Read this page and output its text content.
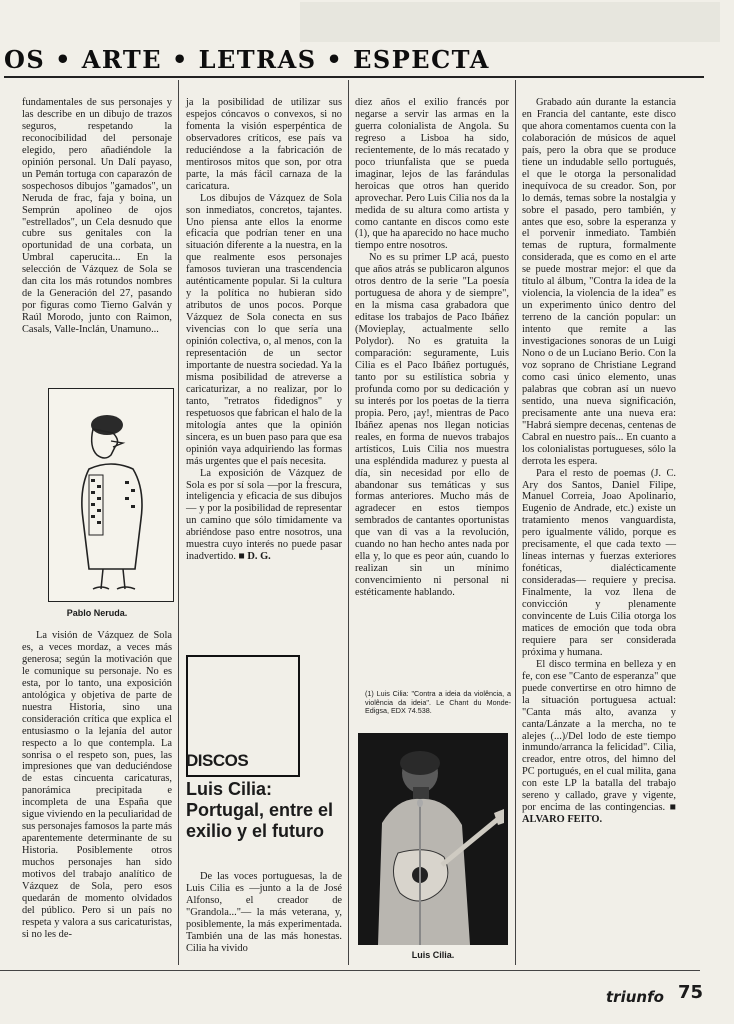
OS • ARTE • LETRAS • ESPECTA

fundamentales de sus personajes y las describe en un dibujo de trazos seguros, respetando la reconocibilidad del personaje elegido, pero añadiéndole la opinión personal. Un Dalí payaso, un Pemán tortuga con caparazón de sospechosos dibujos "gamados", un Neruda de frac, faja y boina, un Semprún apolíneo de ojos "estrellados", un Cela desnudo que cubre sus genitales con la oportunidad de una corbata, un Umbral caperucita... En la selección de Vázquez de Sola se dan cita los más rotundos nombres de la Generación del 27, pasando por figuras como Tierno Galván y Raúl Morodo, junto con Raimon, Casals, Valle-Inclán, Unamuno...

Pablo Neruda.

La visión de Vázquez de Sola es, a veces mordaz, a veces más generosa; según la motivación que le comunique su personaje. No es esta, por lo tanto, una exposición antológica y objetiva de parte de nuestra Historia, sino una consideración crítica que explica el entusiasmo o la lejanía del autor respecto a lo que contempla. La sonrisa o el respeto son, pues, las impresiones que van deduciéndose de estas cincuenta caricaturas, panorámica precipitada e incompleta de una España que sigue viviendo en la peculiaridad de sus personajes famosos la parte más aparentemente determinante de su Historia. Posiblemente otros muchos personajes han sido motivos del trabajo analítico de Vázquez de Sola, pero esos quedarán de momento olvidados del público. Pero si un país no respeta y valora a sus caricaturistas, si no les de-

ja la posibilidad de utilizar sus espejos cóncavos o convexos, si no fomenta la visión esperpéntica de observadores críticos, ese país va reduciéndose a la fabricación de mentirosos mitos que son, por otra parte, la más fácil carnaza de la caricatura.

Los dibujos de Vázquez de Sola son inmediatos, concretos, tajantes. Uno piensa ante ellos la enorme eficacia que podrían tener en una situación diferente a la nuestra, en la que realmente esos personajes famosos tuvieran una trascendencia auténticamente popular. Si la cultura y la política no hubieran sido atributos de unos pocos. Porque Vázquez de Sola conecta en sus vivencias con lo que sería una opinión colectiva, o, al menos, con la representación de un sector importante de nuestra sociedad. Ya la misma posibilidad de atreverse a caricaturizar, a no realizar, por lo tanto, "retratos fidedignos" y respetuosos que fabrican el halo de la mitología antes que la opinión sincera, es un buen paso para que esa opinión vaya adquiriendo las formas más urgentes que el país necesita.

La exposición de Vázquez de Sola es por sí sola —por la frescura, inteligencia y eficacia de sus dibujos— y por la posibilidad de representar un camino que sólo tímidamente va abriéndose paso entre nosotros, una muestra cuyo interés no puede pasar inadvertido. ■ D. G.

DISCOS
Luis Cilia: Portugal, entre el exilio y el futuro

De las voces portuguesas, la de Luis Cilia es —junto a la de José Alfonso, el creador de "Grandola..."— la más veterana, y, posiblemente, la más experimentada. También una de las más honestas. Cilia ha vivido

diez años el exilio francés por negarse a servir las armas en la guerra colonialista de Angola. Su regreso a Lisboa ha sido, recientemente, de lo más recatado y poco triunfalista que se pueda imaginar, lejos de las farándulas heroicas que otros han querido aprovechar. Pero Luis Cilia nos da la medida de su altura como artista y como cantante en discos como este (1), que ha aparecido no hace mucho tiempo entre nosotros.

No es su primer LP acá, puesto que años atrás se publicaron algunos otros dentro de la serie "La poesía portuguesa de ahora y de siempre", en la misma casa grabadora que editase los trabajos de Paco Ibáñez (Movieplay, actualmente sello Polydor). No es gratuita la comparación: seguramente, Luis Cilia es el Paco Ibáñez portugués, tanto por su estilística sobria y profunda como por su dedicación y su interés por los poetas de la tierra propia. Pero, ¡ay!, mientras de Paco Ibáñez apenas nos llegan noticias reales, en forma de nuevos trabajos artísticos, Luis Cilia nos muestra una espléndida madurez y puesta al día, sin necesidad por ello de abandonar sus temáticas y sus formas anteriores. Mucho más de agradecer en estos tiempos sembrados de cantantes oportunistas que van di vas a la revolución, cuando no han hecho antes nada por ella y, lo que es peor aún, cuando lo realizan sin un mínimo convencimiento ni personal ni estéticamente hablando.

(1) Luis Cilia: "Contra a ideia da violência, a violência da ideia". Le Chant du Monde-Edigsa, EDX 74.538.
Luis Cilia.

Grabado aún durante la estancia en Francia del cantante, este disco que ahora comentamos cuenta con la colaboración de músicos de aquel país, pero la obra que se produce tiene un indudable sello portugués, el que le otorga la personalidad inequívoca de su creador. Son, por lo demás, temas sobre la nostalgia y sobre el pasado, pero también, y antes que eso, sobre la esperanza y el porvenir inmediato. También temas de ruptura, formalmente considerada, que es como en el arte se puede mostrar mejor: el que da título al álbum, "Contra la idea de la violencia, la violencia de la idea" es un experimento único dentro del terreno de la canción popular: un intento que remite a las investigaciones sonoras de un Luigi Nono o de un Luciano Berio. Con la voz soprano de Christiane Legrand como casi único elemento, unas palabras que cobran así un nuevo sentido, una nueva significación, precisamente ante una nueva era: "Habrá siempre decenas, centenas de Cabral en nuestro país... En cuanto a los colonialistas portugueses, sólo la derrota les espera.

Para el resto de poemas (J. C. Ary dos Santos, Daniel Filipe, Manuel Correia, Joao Apolinario, Eugenio de Andrade, etc.) existe un tratamiento menos vanguardista, pero igualmente válido, porque es precisamente, el que cada texto —líneas internas y fuerzas exteriores fonéticas, dialécticamente consideradas— requiere y precisa. Finalmente, la voz llena de convicción y plenamente convincente de Luis Cilia otorga los matices de emoción que toda obra requiere para ser considerada próxima y humana.

El disco termina en belleza y en fe, con ese "Canto de esperanza" que puede convertirse en otro himno de la situación portuguesa actual: "Canta más alto, avanza y canta/Lánzate a la mercha, no te alejes (...)/Del lodo de este tiempo inmundo/arranca la felicidad". Cilia, creador, entre otros, del himno del PC portugués, en el cual milita, gana con este LP la batalla del trabajo sereno y callado, grave y vigente, por encima de las contingencias. ■ ALVARO FEITO.

triunfo 75
